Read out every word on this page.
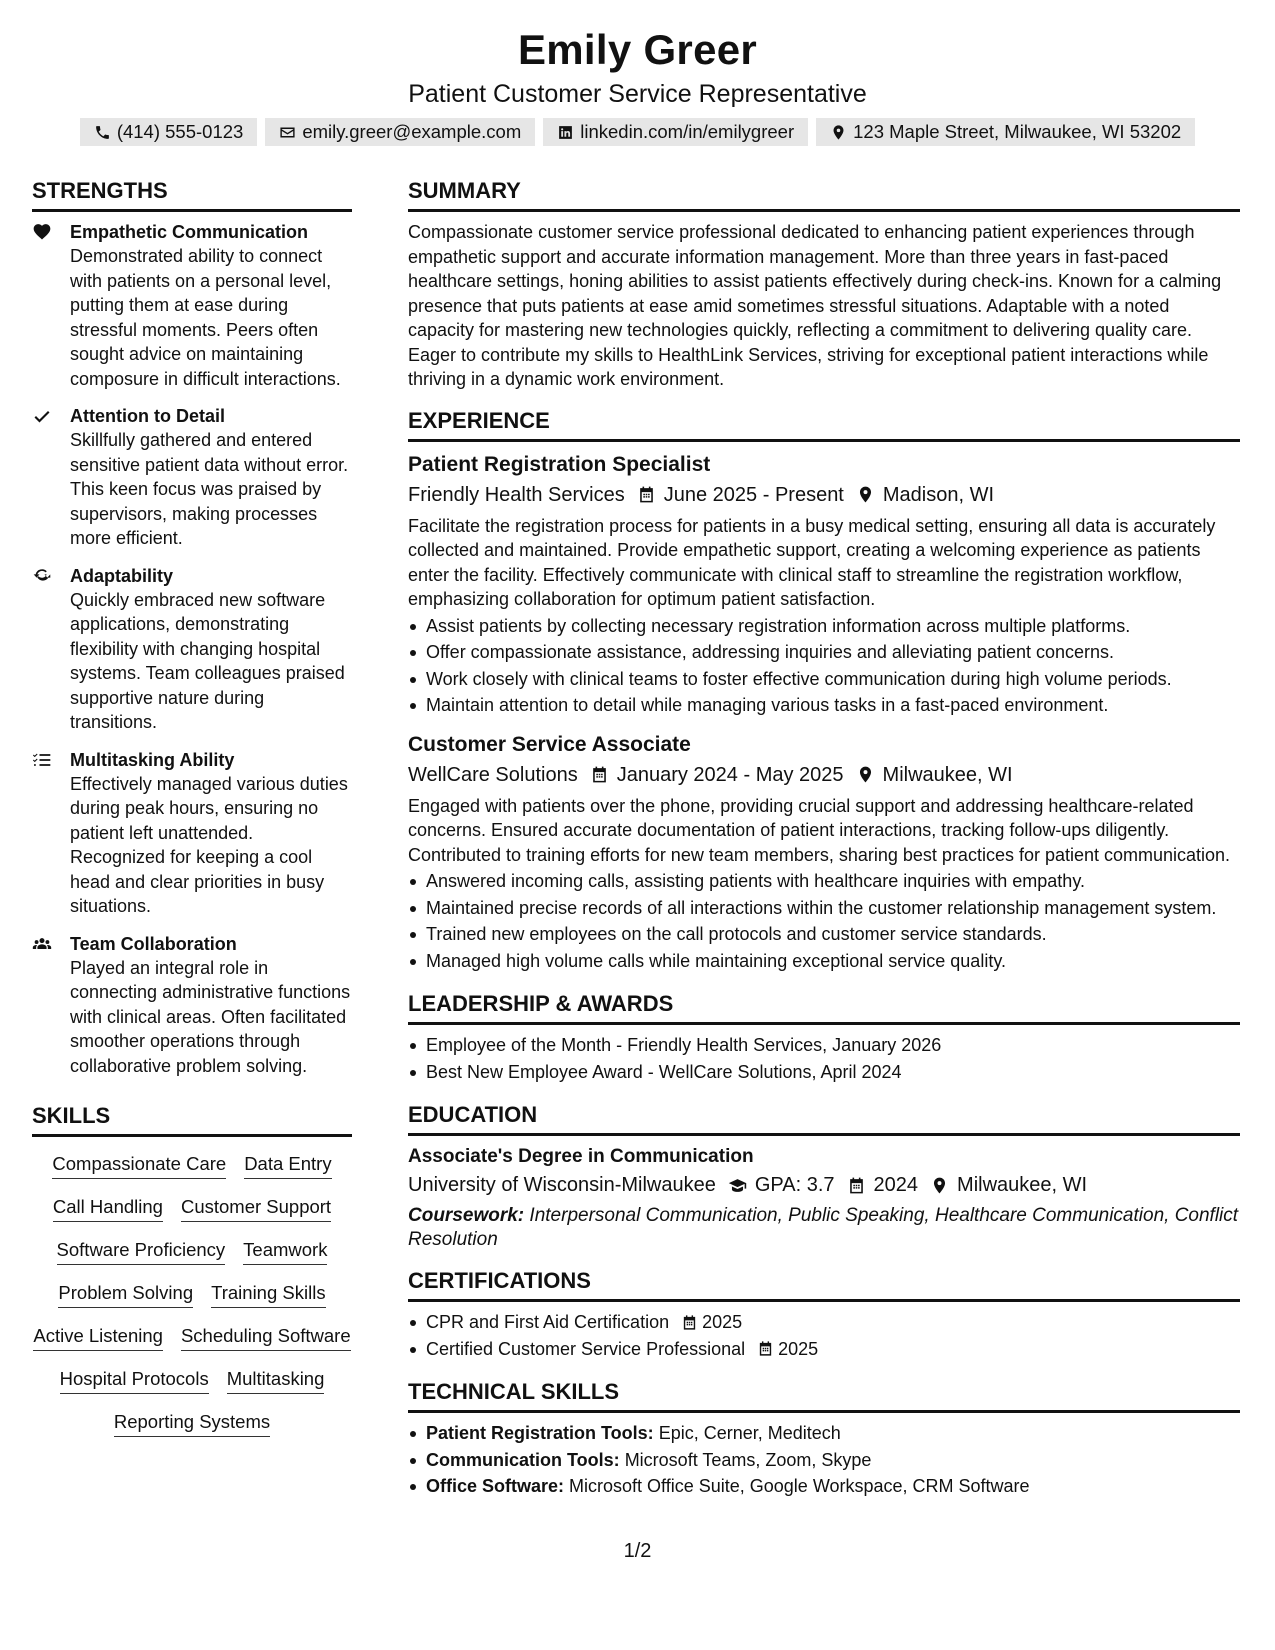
Emily Greer
Patient Customer Service Representative
(414) 555-0123	emily.greer@example.com	linkedin.com/in/emilygreer	123 Maple Street, Milwaukee, WI 53202
STRENGTHS
Empathetic Communication
Demonstrated ability to connect with patients on a personal level, putting them at ease during stressful moments. Peers often sought advice on maintaining composure in difficult interactions.
Attention to Detail
Skillfully gathered and entered sensitive patient data without error. This keen focus was praised by supervisors, making processes more efficient.
Adaptability
Quickly embraced new software applications, demonstrating flexibility with changing hospital systems. Team colleagues praised supportive nature during transitions.
Multitasking Ability
Effectively managed various duties during peak hours, ensuring no patient left unattended. Recognized for keeping a cool head and clear priorities in busy situations.
Team Collaboration
Played an integral role in connecting administrative functions with clinical areas. Often facilitated smoother operations through collaborative problem solving.
SKILLS
Compassionate Care Data Entry
Call Handling Customer Support
Software Proficiency Teamwork
Problem Solving Training Skills
Active Listening Scheduling Software
Hospital Protocols Multitasking
Reporting Systems
SUMMARY
Compassionate customer service professional dedicated to enhancing patient experiences through empathetic support and accurate information management. More than three years in fast-paced healthcare settings, honing abilities to assist patients effectively during check-ins. Known for a calming presence that puts patients at ease amid sometimes stressful situations. Adaptable with a noted capacity for mastering new technologies quickly, reflecting a commitment to delivering quality care. Eager to contribute my skills to HealthLink Services, striving for exceptional patient interactions while thriving in a dynamic work environment.
EXPERIENCE
Patient Registration Specialist
Friendly Health Services June 2025 - Present Madison, WI
Facilitate the registration process for patients in a busy medical setting, ensuring all data is accurately collected and maintained. Provide empathetic support, creating a welcoming experience as patients enter the facility. Effectively communicate with clinical staff to streamline the registration workflow, emphasizing collaboration for optimum patient satisfaction.
Assist patients by collecting necessary registration information across multiple platforms.
Offer compassionate assistance, addressing inquiries and alleviating patient concerns.
Work closely with clinical teams to foster effective communication during high volume periods.
Maintain attention to detail while managing various tasks in a fast-paced environment.
Customer Service Associate
WellCare Solutions January 2024 - May 2025 Milwaukee, WI
Engaged with patients over the phone, providing crucial support and addressing healthcare-related concerns. Ensured accurate documentation of patient interactions, tracking follow-ups diligently. Contributed to training efforts for new team members, sharing best practices for patient communication.
Answered incoming calls, assisting patients with healthcare inquiries with empathy.
Maintained precise records of all interactions within the customer relationship management system.
Trained new employees on the call protocols and customer service standards.
Managed high volume calls while maintaining exceptional service quality.
LEADERSHIP & AWARDS
Employee of the Month - Friendly Health Services, January 2026
Best New Employee Award - WellCare Solutions, April 2024
EDUCATION
Associate's Degree in Communication
University of Wisconsin-Milwaukee GPA: 3.7 2024 Milwaukee, WI
Coursework: Interpersonal Communication, Public Speaking, Healthcare Communication, Conflict Resolution
CERTIFICATIONS
CPR and First Aid Certification 2025
Certified Customer Service Professional 2025
TECHNICAL SKILLS
Patient Registration Tools: Epic, Cerner, Meditech
Communication Tools: Microsoft Teams, Zoom, Skype
Office Software: Microsoft Office Suite, Google Workspace, CRM Software
1/2
